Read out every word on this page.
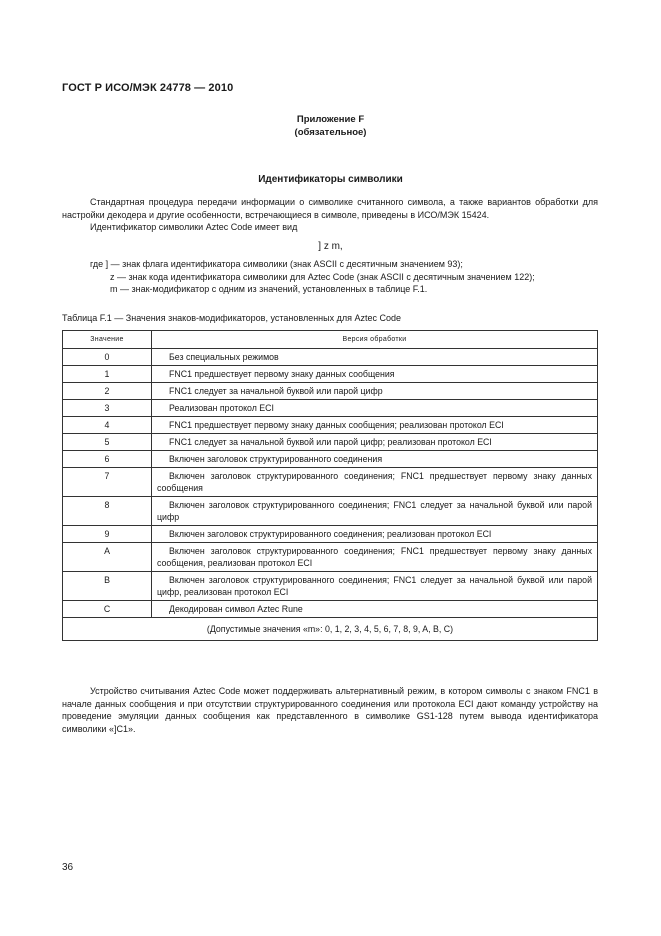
ГОСТ Р ИСО/МЭК 24778 — 2010
Приложение F
(обязательное)
Идентификаторы символики

Стандартная процедура передачи информации о символике считанного символа, а также вариантов обработки для настройки декодера и другие особенности, встречающиеся в символе, приведены в ИСО/МЭК 15424.

Идентификатор символики Aztec Code имеет вид

] z m,
где ] — знак флага идентификатора символики (знак ASCII с десятичным значением 93);
z — знак кода идентификатора символики для Aztec Code (знак ASCII с десятичным значением 122);
m — знак-модификатор с одним из значений, установленных в таблице F.1.
Таблица F.1 — Значения знаков-модификаторов, установленных для Aztec Code
Значение	Версия обработки
0	Без специальных режимов
1	FNC1 предшествует первому знаку данных сообщения
2	FNC1 следует за начальной буквой или парой цифр
3	Реализован протокол ECI
4	FNC1 предшествует первому знаку данных сообщения; реализован протокол ECI
5	FNC1 следует за начальной буквой или парой цифр; реализован протокол ECI
6	Включен заголовок структурированного соединения
7	Включен заголовок структурированного соединения; FNC1 предшествует первому знаку данных сообщения
8	Включен заголовок структурированного соединения; FNC1 следует за начальной буквой или парой цифр
9	Включен заголовок структурированного соединения; реализован протокол ECI
A	Включен заголовок структурированного соединения; FNC1 предшествует первому знаку данных сообщения, реализован протокол ECI
B	Включен заголовок структурированного соединения; FNC1 следует за начальной буквой или парой цифр, реализован протокол ECI
C	Декодирован символ Aztec Rune
(Допустимые значения «m»: 0, 1, 2, 3, 4, 5, 6, 7, 8, 9, A, B, C)	

Устройство считывания Aztec Code может поддерживать альтернативный режим, в котором символы с знаком FNC1 в начале данных сообщения и при отсутствии структурированного соединения или протокола ECI дают команду устройству на проведение эмуляции данных сообщения как представленного в символике GS1-128 путем вывода идентификатора символики «]C1».

36
